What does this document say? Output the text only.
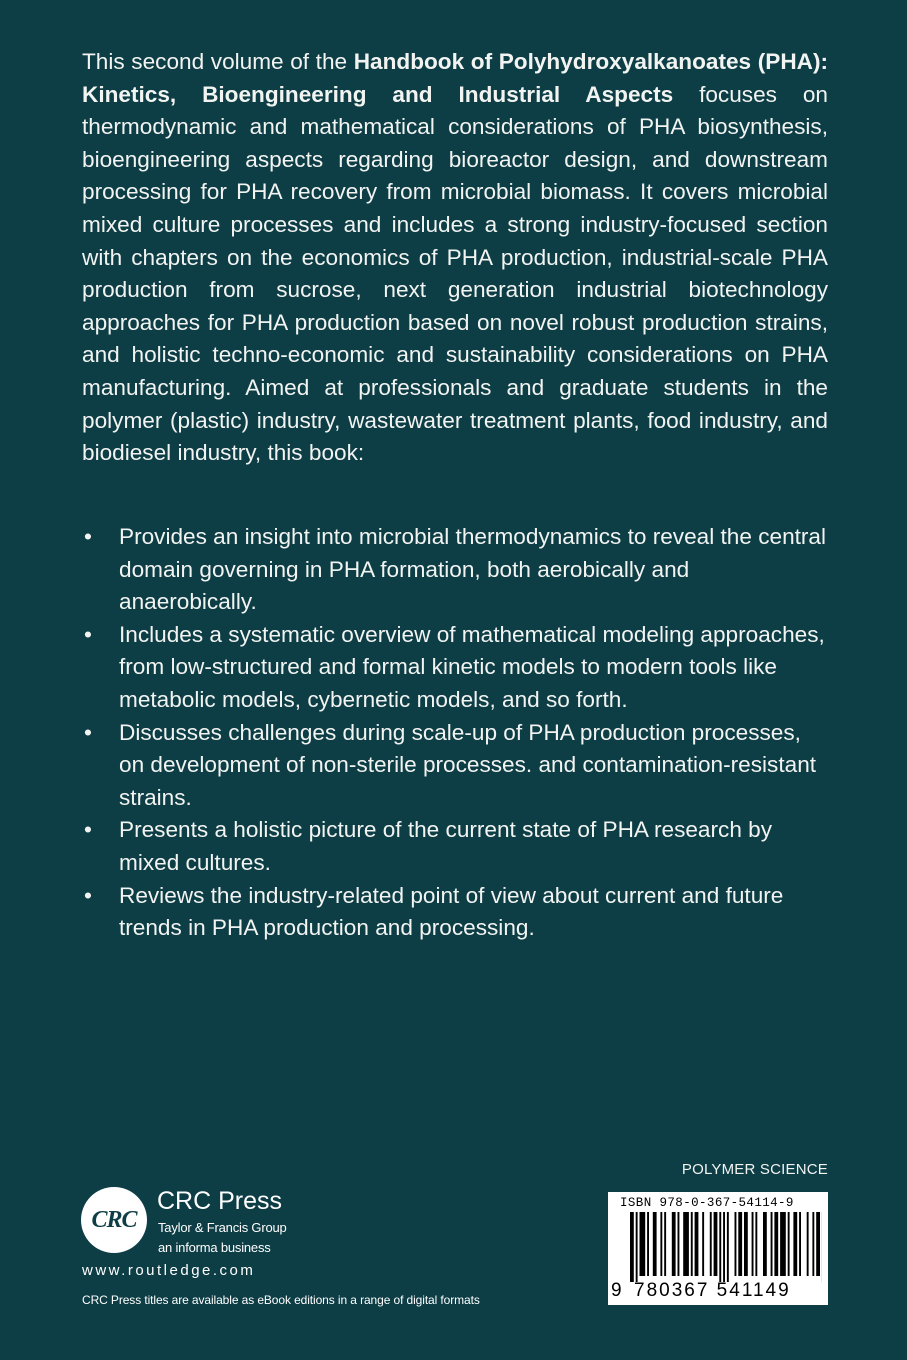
This second volume of the Handbook of Polyhydroxyalkanoates (PHA): Kinetics, Bioengineering and Industrial Aspects focuses on thermodynamic and mathematical considerations of PHA biosynthesis, bioengineering aspects regarding bioreactor design, and downstream processing for PHA recovery from microbial biomass. It covers microbial mixed culture processes and includes a strong industry-focused section with chapters on the economics of PHA production, industrial-scale PHA production from sucrose, next generation industrial biotechnology approaches for PHA production based on novel robust production strains, and holistic techno-economic and sustainability considerations on PHA manufacturing. Aimed at professionals and graduate students in the polymer (plastic) industry, wastewater treatment plants, food industry, and biodiesel industry, this book:

• Provides an insight into microbial thermodynamics to reveal the central domain governing in PHA formation, both aerobically and anaerobically.
• Includes a systematic overview of mathematical modeling approaches, from low-structured and formal kinetic models to modern tools like metabolic models, cybernetic models, and so forth.
• Discusses challenges during scale-up of PHA production processes, on development of non-sterile processes. and contamination-resistant strains.
• Presents a holistic picture of the current state of PHA research by mixed cultures.
• Reviews the industry-related point of view about current and future trends in PHA production and processing.
POLYMER SCIENCE
CRC
CRC Press
Taylor & Francis Group
an informa business
www.routledge.com
CRC Press titles are available as eBook editions in a range of digital formats
ISBN 978-0-367-54114-9
9 780367 541149
